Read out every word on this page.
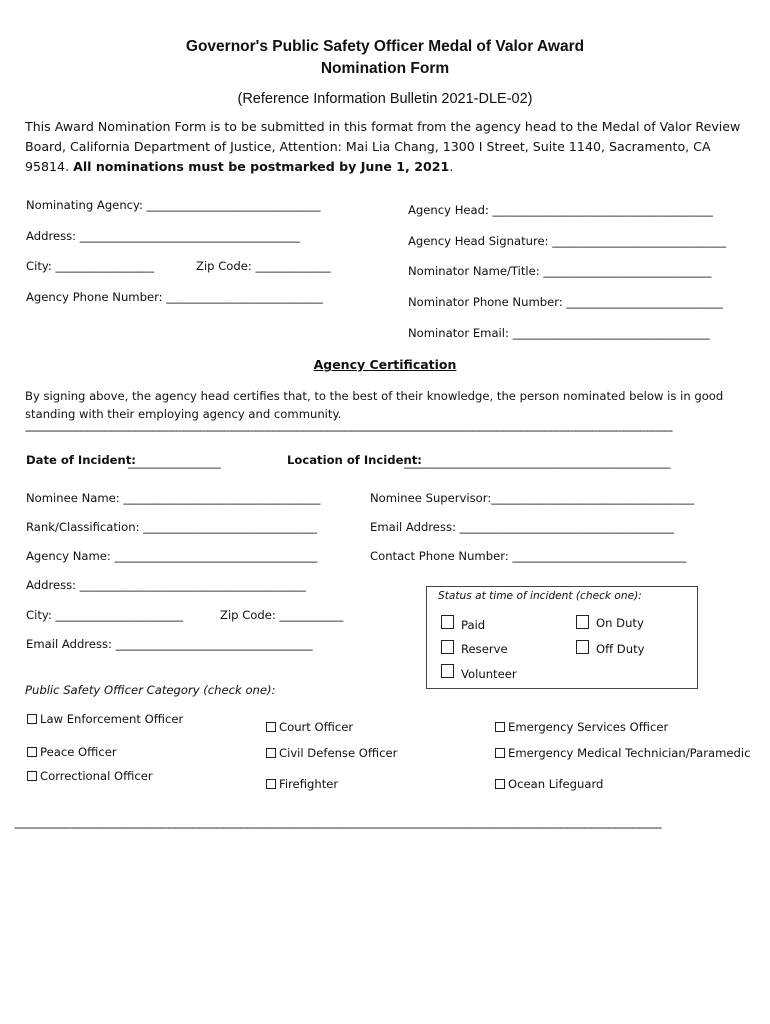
Governor's Public Safety Officer Medal of Valor Award
Nomination Form
(Reference Information Bulletin 2021-DLE-02)
This Award Nomination Form is to be submitted in this format from the agency head to the Medal of Valor Review Board, California Department of Justice, Attention: Mai Lia Chang, 1300 I Street, Suite 1140, Sacramento, CA 95814. All nominations must be postmarked by June 1, 2021.
Nominating Agency: ______________________________
Address: ______________________________________
City: _________________	Zip Code: _____________
Agency Phone Number: ___________________________
Agency Head: ______________________________________
Agency Head Signature: ______________________________
Nominator Name/Title: _____________________________
Nominator Phone Number: ___________________________
Nominator Email: __________________________________
Agency Certification
By signing above, the agency head certifies that, to the best of their knowledge, the person nominated below is in good standing with their employing agency and community.
------------------------------------------------------------------------------------------------------------------------------------------------------------------------------------------------------------------------
Date of Incident:
________________	Location of Incident:
______________________________________________
Nominee Name: __________________________________
Rank/Classification: ______________________________
Agency Name: ___________________________________
Address: _______________________________________
City: ______________________	Zip Code: ___________
Email Address: __________________________________
Nominee Supervisor:___________________________________
Email Address: _____________________________________
Contact Phone Number: ______________________________
Status at time of incident (check one):
Paid
Reserve
Volunteer
On Duty
Off Duty
Public Safety Officer Category (check one):
Law Enforcement Officer
Peace Officer
Correctional Officer
Court Officer
Civil Defense Officer
Firefighter
Emergency Services Officer
Emergency Medical Technician/Paramedic
Ocean Lifeguard
------------------------------------------------------------------------------------------------------------------------------------------------------------------------------------------------------------------------
